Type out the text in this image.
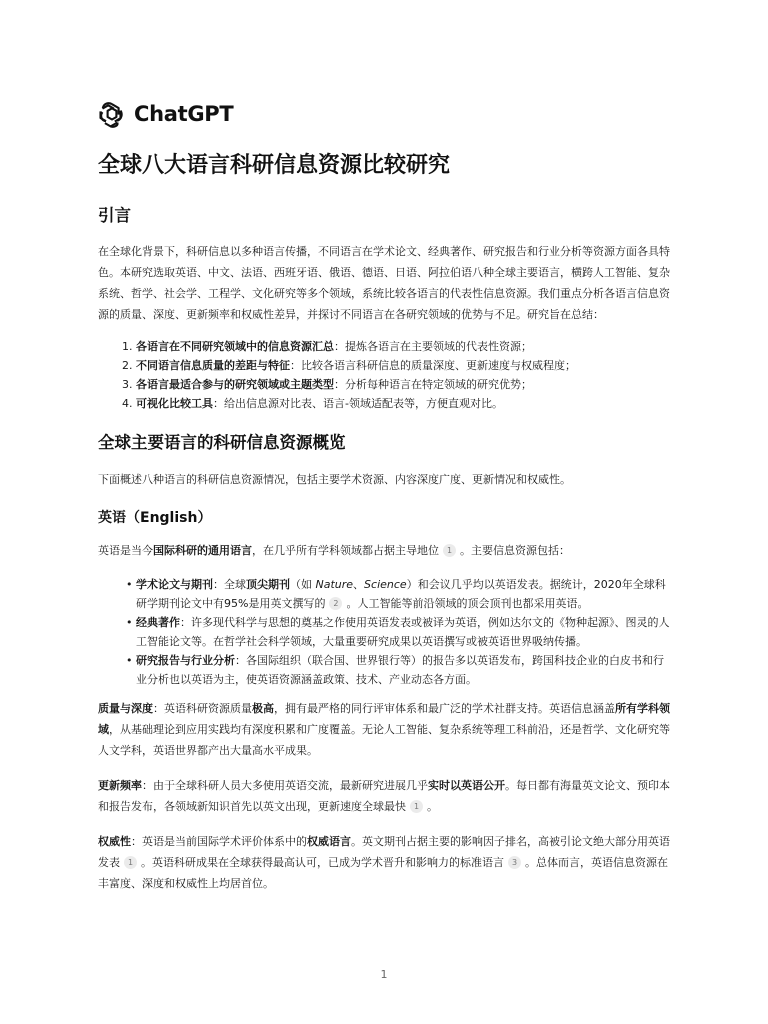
ChatGPT
全球八大语言科研信息资源比较研究
引言

在全球化背景下，科研信息以多种语言传播，不同语言在学术论文、经典著作、研究报告和行业分析等资源方面各具特色。本研究选取英语、中文、法语、西班牙语、俄语、德语、日语、阿拉伯语八种全球主要语言，横跨人工智能、复杂系统、哲学、社会学、工程学、文化研究等多个领域，系统比较各语言的代表性信息资源。我们重点分析各语言信息资源的质量、深度、更新频率和权威性差异，并探讨不同语言在各研究领域的优势与不足。研究旨在总结：

1. 各语言在不同研究领域中的信息资源汇总：提炼各语言在主要领域的代表性资源；
2. 不同语言信息质量的差距与特征：比较各语言科研信息的质量深度、更新速度与权威程度；
3. 各语言最适合参与的研究领域或主题类型：分析每种语言在特定领域的研究优势；
4. 可视化比较工具：给出信息源对比表、语言-领域适配表等，方便直观对比。
全球主要语言的科研信息资源概览

下面概述八种语言的科研信息资源情况，包括主要学术资源、内容深度广度、更新情况和权威性。

英语（English）

英语是当今国际科研的通用语言，在几乎所有学科领域都占据主导地位 1 。主要信息资源包括：

• 学术论文与期刊：全球顶尖期刊（如 Nature、Science）和会议几乎均以英语发表。据统计，2020年全球科研学期刊论文中有95%是用英文撰写的 2 。人工智能等前沿领域的顶会顶刊也都采用英语。
• 经典著作：许多现代科学与思想的奠基之作使用英语发表或被译为英语，例如达尔文的《物种起源》、图灵的人工智能论文等。在哲学社会科学领域，大量重要研究成果以英语撰写或被英语世界吸纳传播。
• 研究报告与行业分析：各国际组织（联合国、世界银行等）的报告多以英语发布，跨国科技企业的白皮书和行业分析也以英语为主，使英语资源涵盖政策、技术、产业动态各方面。

质量与深度：英语科研资源质量极高，拥有最严格的同行评审体系和最广泛的学术社群支持。英语信息涵盖所有学科领域，从基础理论到应用实践均有深度积累和广度覆盖。无论人工智能、复杂系统等理工科前沿，还是哲学、文化研究等人文学科，英语世界都产出大量高水平成果。

更新频率：由于全球科研人员大多使用英语交流，最新研究进展几乎实时以英语公开。每日都有海量英文论文、预印本和报告发布，各领域新知识首先以英文出现，更新速度全球最快 1 。

权威性：英语是当前国际学术评价体系中的权威语言。英文期刊占据主要的影响因子排名，高被引论文绝大部分用英语发表 1 。英语科研成果在全球获得最高认可，已成为学术晋升和影响力的标准语言 3 。总体而言，英语信息资源在丰富度、深度和权威性上均居首位。

1
